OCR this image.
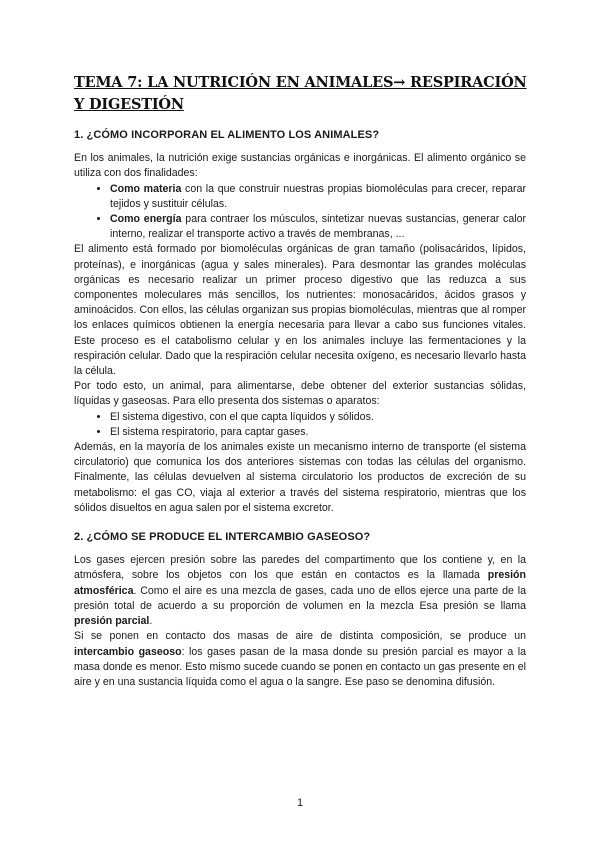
TEMA 7: LA NUTRICIÓN EN ANIMALES→ RESPIRACIÓN Y DIGESTIÓN
1. ¿CÓMO INCORPORAN EL ALIMENTO LOS ANIMALES?

En los animales, la nutrición exige sustancias orgánicas e inorgánicas. El alimento orgánico se utiliza con dos finalidades:

• Como materia con la que construir nuestras propias biomoléculas para crecer, reparar tejidos y sustituir células.
• Como energía para contraer los músculos, sintetizar nuevas sustancias, generar calor interno, realizar el transporte activo a través de membranas, ...

El alimento está formado por biomoléculas orgánicas de gran tamaño (polisacáridos, lípidos, proteínas), e inorgánicas (agua y sales minerales). Para desmontar las grandes moléculas orgánicas es necesario realizar un primer proceso digestivo que las reduzca a sus componentes moleculares más sencillos, los nutrientes: monosacáridos, ácidos grasos y aminoácidos. Con ellos, las células organizan sus propias biomoléculas, mientras que al romper los enlaces químicos obtienen la energía necesaria para llevar a cabo sus funciones vitales. Este proceso es el catabolismo celular y en los animales incluye las fermentaciones y la respiración celular. Dado que la respiración celular necesita oxígeno, es necesario llevarlo hasta la célula.

Por todo esto, un animal, para alimentarse, debe obtener del exterior sustancias sólidas, líquidas y gaseosas. Para ello presenta dos sistemas o aparatos:

• El sistema digestivo, con el que capta líquidos y sólidos.
• El sistema respiratorio, para captar gases.

Además, en la mayoría de los animales existe un mecanismo interno de transporte (el sistema circulatorio) que comunica los dos anteriores sistemas con todas las células del organismo. Finalmente, las células devuelven al sistema circulatorio los productos de excreción de su metabolismo: el gas CO, viaja al exterior a través del sistema respiratorio, mientras que los sólidos disueltos en agua salen por el sistema excretor.

2. ¿CÓMO SE PRODUCE EL INTERCAMBIO GASEOSO?

Los gases ejercen presión sobre las paredes del compartimento que los contiene y, en la atmósfera, sobre los objetos con los que están en contactos es la llamada presión atmosférica. Como el aire es una mezcla de gases, cada uno de ellos ejerce una parte de la presión total de acuerdo a su proporción de volumen en la mezcla Esa presión se llama presión parcial.

Si se ponen en contacto dos masas de aire de distinta composición, se produce un intercambio gaseoso: los gases pasan de la masa donde su presión parcial es mayor a la masa donde es menor. Esto mismo sucede cuando se ponen en contacto un gas presente en el aire y en una sustancia líquida como el agua o la sangre. Ese paso se denomina difusión.

1
